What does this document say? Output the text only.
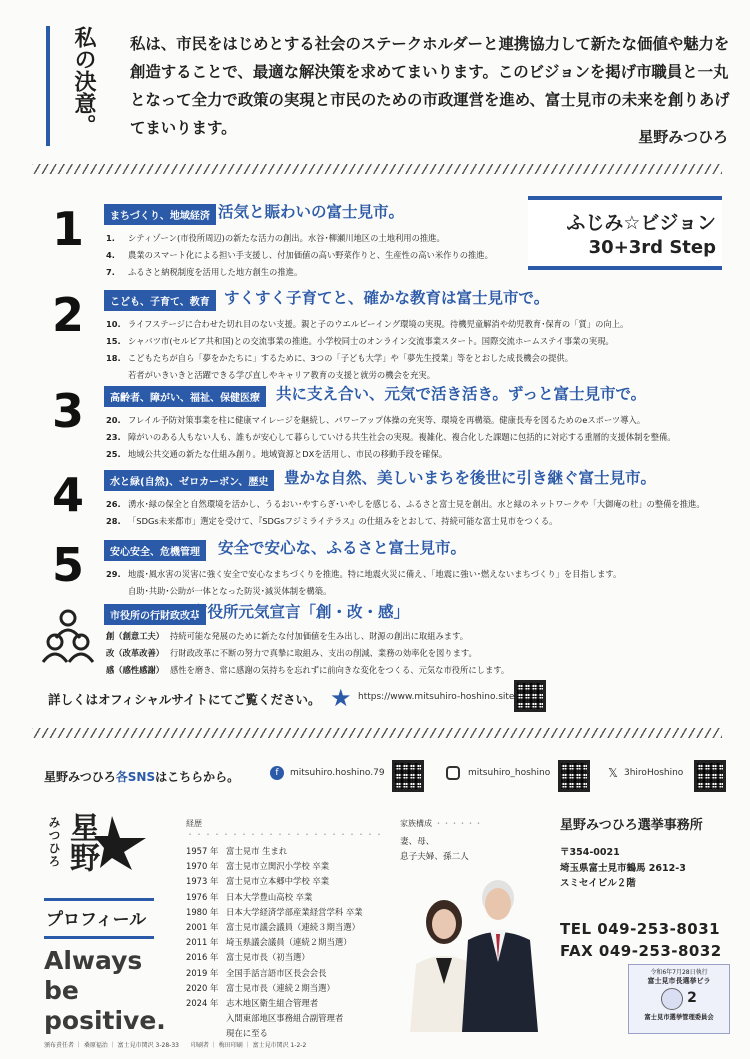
私の決意。 私は、市民をはじめとする社会のステークホルダーと連携協力して新たな価値や魅力を創造することで、最適な解決策を求めてまいります。このビジョンを掲げ市職員と一丸となって全力で政策の実現と市民のための市政運営を進め、富士見市の未来を創りあげてまいります。	星野みつひろ
ふじみ☆ビジョン
30+3rd Step
1	まちづくり、地域経済 活気と賑わいの富士見市。
1. シティゾーン(市役所周辺)の新たな活力の創出。水谷･柳瀬川地区の土地利用の推進。
4. 農業のスマート化による担い手支援し、付加価値の高い野菜作りと、生産性の高い米作りの推進。
7. ふるさと納税制度を活用した地方創生の推進。
2	こども、子育て、教育 すくすく子育てと、確かな教育は富士見市で。
10. ライフステージに合わせた切れ目のない支援。親と子のウエルビーイング環境の実現。待機児童解消や幼児教育･保育の「質」の向上。
15. シャバツ市(セルビア共和国)との交流事業の推進。小学校同士のオンライン交流事業スタート。国際交流ホームステイ事業の実現。
18. こどもたちが自ら「夢をかたちに」するために、3つの「子ども大学」や「夢先生授業」等をとおした成長機会の提供。
若者がいきいきと活躍できる学び直しやキャリア教育の支援と就労の機会を充実。
3	高齢者、障がい、福祉、保健医療	共に支え合い、元気で活き活き。ずっと富士見市で。
20. フレイル予防対策事業を柱に健康マイレージを継続し、パワーアップ体操の充実等、環境を再構築。健康長寿を図るためのeスポーツ導入。
23. 障がいのある人もない人も、誰もが安心して暮らしていける共生社会の実現。複雑化、複合化した課題に包括的に対応する重層的支援体制を整備。
25. 地域公共交通の新たな仕組み創り。地域資源とDXを活用し、市民の移動手段を確保。
4	水と緑(自然)、ゼロカーボン、歴史	豊かな自然、美しいまちを後世に引き継ぐ富士見市。
26. 湧水･緑の保全と自然環境を活かし、うるおい･やすらぎ･いやしを感じる、ふるさと富士見を創出。水と緑のネットワークや「大御庵の杜」の整備を推進。
28. 「SDGs未来都市」選定を受けて、『SDGsフジミライテラス』の仕組みをとおして、持続可能な富士見市をつくる。
5	安心安全、危機管理	安全で安心な、ふるさと富士見市。
29. 地震･風水害の災害に強く安全で安心なまちづくりを推進。特に地震火災に備え、「地震に強い･燃えないまちづくり」を目指します。
自助･共助･公助が一体となった防災･減災体制を構築。
市役所の行財政改革
市役所元気宣言「創・改・感」
創（創意工夫） 持続可能な発展のために新たな付加価値を生み出し、財源の創出に取組みます。
改（改革改善） 行財政改革に不断の努力で真摯に取組み、支出の削減、業務の効率化を図ります。
感（感性感謝） 感性を磨き、常に感謝の気持ちを忘れずに前向きな変化をつくる、元気な市役所にします。
詳しくはオフィシャルサイトにてご覧ください。 ★ https://www.mitsuhiro-hoshino.site
星野みつひろ各SNSはこちらから。	f	mitsuhiro.hoshino.79	mitsuhiro_hoshino	𝕏 3hiroHoshino
みつひろ 星野
プロフィール
Always
be
positive.
経歴 ・・・・・・・・・・・・・・・・・・・・・・
1957 年 富士見市 生まれ
1970 年 富士見市立関沢小学校 卒業
1973 年 富士見市立本郷中学校 卒業
1976 年 日本大学豊山高校 卒業
1980 年 日本大学経済学部産業経営学科 卒業
2001 年 富士見市議会議員（連続３期当選）
2011 年 埼玉県議会議員（連続２期当選）
2016 年 富士見市長（初当選）
2019 年 全国手話言語市区長会会長
2020 年 富士見市長（連続２期当選）
2024 年 志木地区衛生組合管理者
入間東部地区事務組合副管理者
現在に至る
家族構成 ・・・・・・
妻、母、
息子夫婦、孫二人
星野みつひろ選挙事務所
〒354-0021
埼玉県富士見市鶴馬 2612-3
スミセイビル２階
TEL 049-253-8031
FAX 049-253-8032
令和6年7月28日執行
富士見市長選挙ビラ
2
富士見市選挙管理委員会
頒布責任者 ｜ 桑原福治 ｜ 富士見市関沢 3-28-33　　印刷者 ｜ 梅田印刷 ｜ 富士見市関沢 1-2-2
